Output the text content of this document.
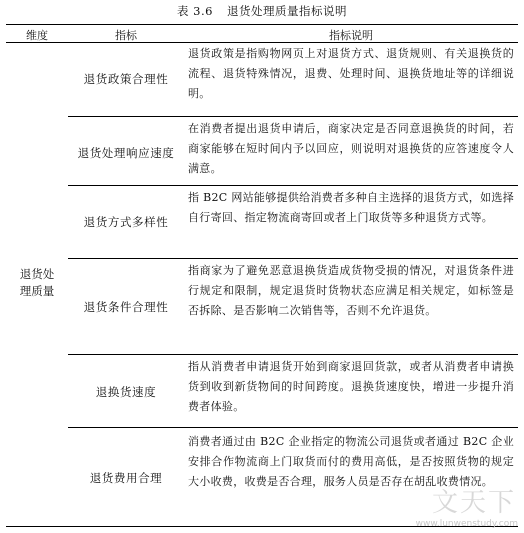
表 3.6 退货处理质量指标说明
维度	指标	指标说明
退货处
理质量
退货政策合理性
退货政策是指购物网页上对退货方式、退货规则、有关退换货的流程、退货特殊情况，退费、处理时间、退换货地址等的详细说明。
退货处理响应速度
在消费者提出退货申请后，商家决定是否同意退换货的时间，若商家能够在短时间内予以回应，则说明对退换货的应答速度令人满意。
退货方式多样性
指 B2C 网站能够提供给消费者多种自主选择的退货方式，如选择自行寄回、指定物流商寄回或者上门取货等多种退货方式等。
退货条件合理性
指商家为了避免恶意退换货造成货物受损的情况，对退货条件进行规定和限制，规定退货时货物状态应满足相关规定，如标签是否拆除、是否影响二次销售等，否则不允许退货。
退换货速度
指从消费者申请退货开始到商家退回货款，或者从消费者申请换货到收到新货物间的时间跨度。退换货速度快，增进一步提升消费者体验。
退货费用合理
消费者通过由 B2C 企业指定的物流公司退货或者通过 B2C 企业安排合作物流商上门取货而付的费用高低，是否按照货物的规定大小收费，收费是否合理，服务人员是否存在胡乱收费情况。
文天下
www.lunwenstudy.com
